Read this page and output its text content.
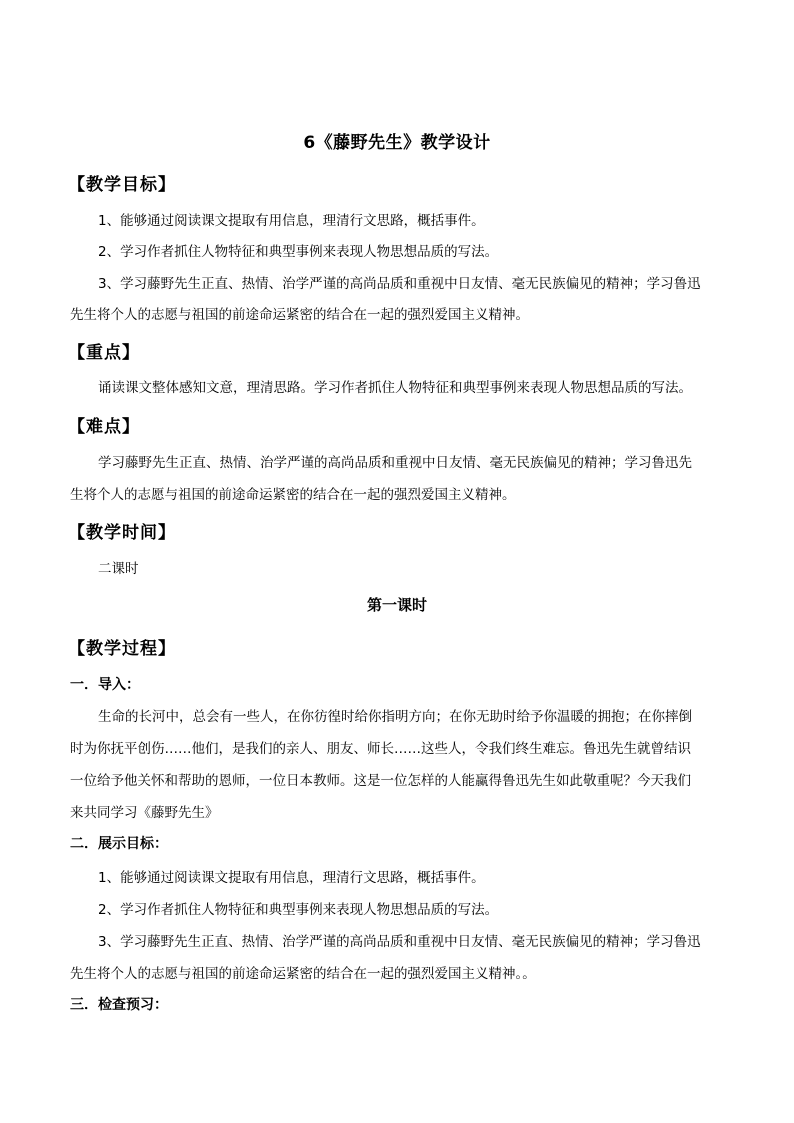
6《藤野先生》教学设计
【教学目标】
1、能够通过阅读课文提取有用信息，理清行文思路，概括事件。
2、学习作者抓住人物特征和典型事例来表现人物思想品质的写法。
3、学习藤野先生正直、热情、治学严谨的高尚品质和重视中日友情、毫无民族偏见的精神；学习鲁迅
先生将个人的志愿与祖国的前途命运紧密的结合在一起的强烈爱国主义精神。
【重点】
诵读课文整体感知文意，理清思路。学习作者抓住人物特征和典型事例来表现人物思想品质的写法。
【难点】
学习藤野先生正直、热情、治学严谨的高尚品质和重视中日友情、毫无民族偏见的精神；学习鲁迅先
生将个人的志愿与祖国的前途命运紧密的结合在一起的强烈爱国主义精神。
【教学时间】
二课时
第一课时
【教学过程】
一．导入：
生命的长河中，总会有一些人，在你彷徨时给你指明方向；在你无助时给予你温暖的拥抱；在你摔倒
时为你抚平创伤……他们，是我们的亲人、朋友、师长……这些人，令我们终生难忘。鲁迅先生就曾结识
一位给予他关怀和帮助的恩师，一位日本教师。这是一位怎样的人能赢得鲁迅先生如此敬重呢？今天我们
来共同学习《藤野先生》
二．展示目标：
1、能够通过阅读课文提取有用信息，理清行文思路，概括事件。
2、学习作者抓住人物特征和典型事例来表现人物思想品质的写法。
3、学习藤野先生正直、热情、治学严谨的高尚品质和重视中日友情、毫无民族偏见的精神；学习鲁迅
先生将个人的志愿与祖国的前途命运紧密的结合在一起的强烈爱国主义精神。。
三．检查预习：
